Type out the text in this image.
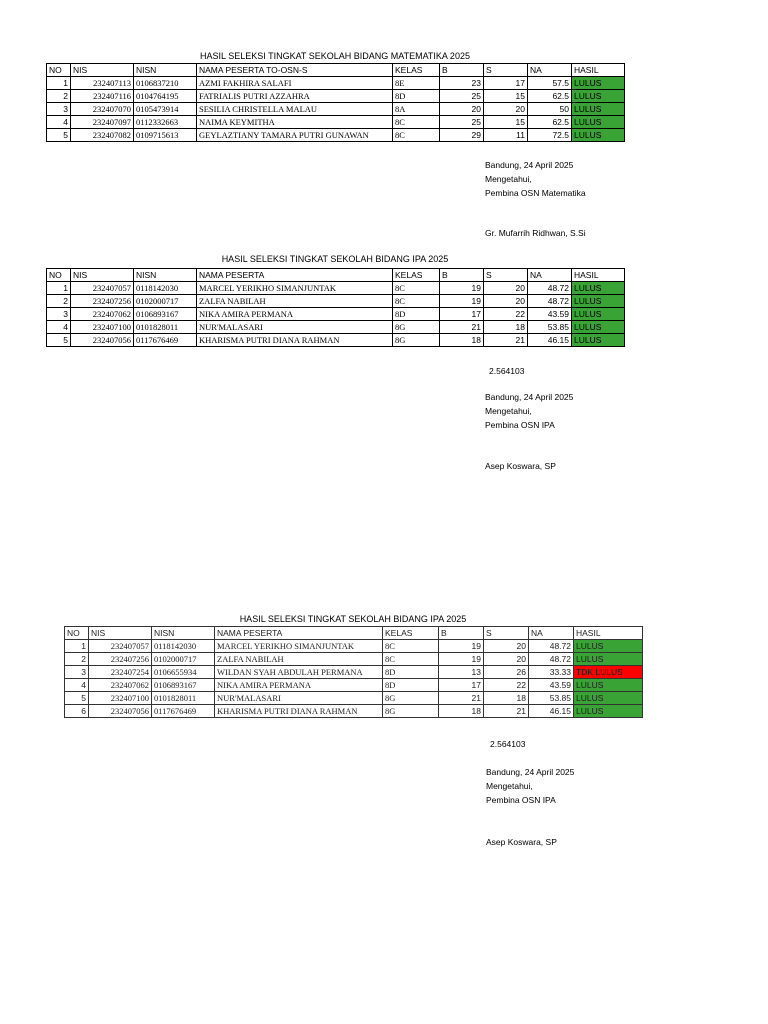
HASIL SELEKSI TINGKAT SEKOLAH BIDANG MATEMATIKA 2025
NO	NIS	NISN	NAMA PESERTA TO-OSN-S	KELAS	B	S	NA	HASIL
1	232407113	0106837210	AZMI FAKHIRA SALAFI	8E	23	17	57.5	LULUS
2	232407116	0104764195	FATRIALIS PUTRI AZZAHRA	8D	25	15	62.5	LULUS
3	232407070	0105473914	SESILIA CHRISTELLA MALAU	8A	20	20	50	LULUS
4	232407097	0112332663	NAIMA KEYMITHA	8C	25	15	62.5	LULUS
5	232407082	0109715613	GEYLAZTIANY TAMARA PUTRI GUNAWAN	8C	29	11	72.5	LULUS
Bandung, 24 April 2025
Mengetahui,
Pembina OSN Matematika
Gr. Mufarrih Ridhwan, S.Si
HASIL SELEKSI TINGKAT SEKOLAH BIDANG IPA 2025
NO	NIS	NISN	NAMA PESERTA	KELAS	B	S	NA	HASIL
1	232407057	0118142030	MARCEL YERIKHO SIMANJUNTAK	8C	19	20	48.72	LULUS
2	232407256	0102000717	ZALFA NABILAH	8C	19	20	48.72	LULUS
3	232407062	0106893167	NIKA AMIRA PERMANA	8D	17	22	43.59	LULUS
4	232407100	0101828011	NUR'MALASARI	8G	21	18	53.85	LULUS
5	232407056	0117676469	KHARISMA PUTRI DIANA RAHMAN	8G	18	21	46.15	LULUS
2.564103
Bandung, 24 April 2025
Mengetahui,
Pembina OSN IPA
Asep Koswara, SP
HASIL SELEKSI TINGKAT SEKOLAH BIDANG IPA 2025
NO	NIS	NISN	NAMA PESERTA	KELAS	B	S	NA	HASIL
1	232407057	0118142030	MARCEL YERIKHO SIMANJUNTAK	8C	19	20	48.72	LULUS
2	232407256	0102000717	ZALFA NABILAH	8C	19	20	48.72	LULUS
3	232407254	0106655934	WILDAN SYAH ABDULAH PERMANA	8D	13	26	33.33	TDK LULUS
4	232407062	0106893167	NIKA AMIRA PERMANA	8D	17	22	43.59	LULUS
5	232407100	0101828011	NUR'MALASARI	8G	21	18	53.85	LULUS
6	232407056	0117676469	KHARISMA PUTRI DIANA RAHMAN	8G	18	21	46.15	LULUS
2.564103
Bandung, 24 April 2025
Mengetahui,
Pembina OSN IPA
Asep Koswara, SP
